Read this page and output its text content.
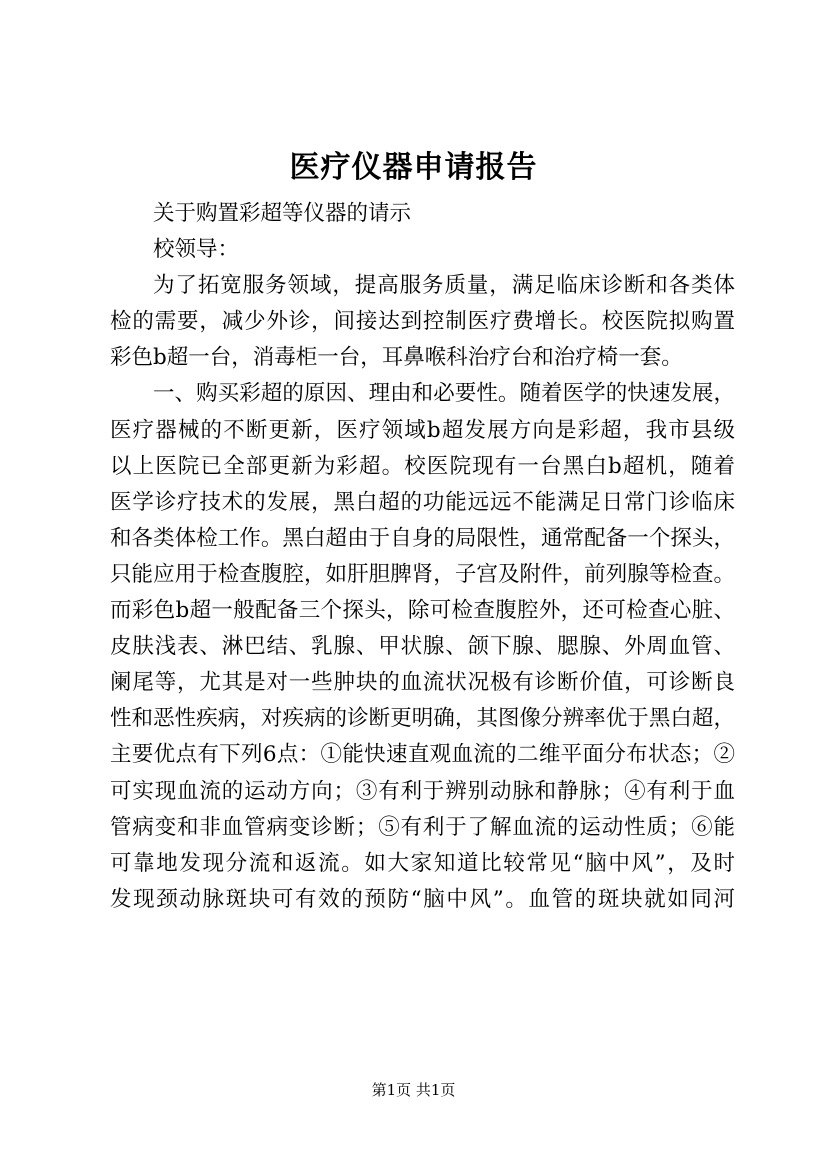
医疗仪器申请报告
关于购置彩超等仪器的请示
校领导：
为了拓宽服务领域，提高服务质量，满足临床诊断和各类体
检的需要，减少外诊，间接达到控制医疗费增长。校医院拟购置
彩色b超一台，消毒柜一台，耳鼻喉科治疗台和治疗椅一套。
一、购买彩超的原因、理由和必要性。随着医学的快速发展，
医疗器械的不断更新，医疗领域b超发展方向是彩超，我市县级
以上医院已全部更新为彩超。校医院现有一台黑白b超机，随着
医学诊疗技术的发展，黑白超的功能远远不能满足日常门诊临床
和各类体检工作。黑白超由于自身的局限性，通常配备一个探头，
只能应用于检查腹腔，如肝胆脾肾，子宫及附件，前列腺等检查。
而彩色b超一般配备三个探头，除可检查腹腔外，还可检查心脏、
皮肤浅表、淋巴结、乳腺、甲状腺、颌下腺、腮腺、外周血管、
阑尾等，尤其是对一些肿块的血流状况极有诊断价值，可诊断良
性和恶性疾病，对疾病的诊断更明确，其图像分辨率优于黑白超，
主要优点有下列6点：①能快速直观血流的二维平面分布状态；②
可实现血流的运动方向；③有利于辨别动脉和静脉；④有利于血
管病变和非血管病变诊断；⑤有利于了解血流的运动性质；⑥能
可靠地发现分流和返流。如大家知道比较常见“脑中风”，及时
发现颈动脉斑块可有效的预防“脑中风”。血管的斑块就如同河
第1页 共1页
